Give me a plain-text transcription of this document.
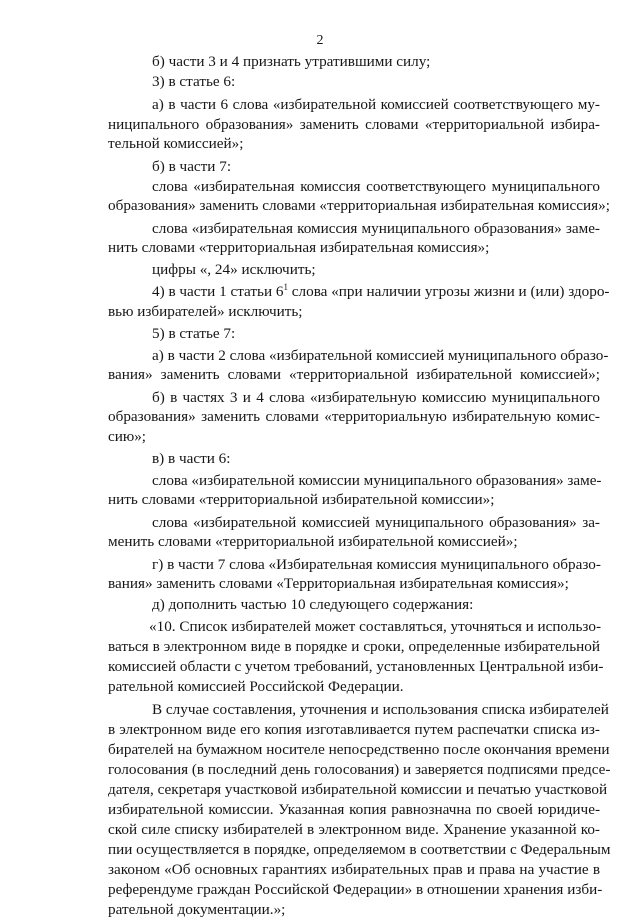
2
б) части 3 и 4 признать утратившими силу;
3) в статье 6:
а) в части 6 слова «избирательной комиссией соответствующего му-
ниципального образования» заменить словами «территориальной избира-
тельной комиссией»;
б) в части 7:
слова «избирательная комиссия соответствующего муниципального
образования» заменить словами «территориальная избирательная комиссия»;
слова «избирательная комиссия муниципального образования» заме-
нить словами «территориальная избирательная комиссия»;
цифры «, 24» исключить;
4) в части 1 статьи $6^1$ слова «при наличии угрозы жизни и (или) здоро-
вью избирателей» исключить;
5) в статье 7:
а) в части 2 слова «избирательной комиссией муниципального образо-
вания» заменить словами «территориальной избирательной комиссией»;
б) в частях 3 и 4 слова «избирательную комиссию муниципального
образования» заменить словами «территориальную избирательную комис-
сию»;
в) в части 6:
слова «избирательной комиссии муниципального образования» заме-
нить словами «территориальной избирательной комиссии»;
слова «избирательной комиссией муниципального образования» за-
менить словами «территориальной избирательной комиссией»;
г) в части 7 слова «Избирательная комиссия муниципального образо-
вания» заменить словами «Территориальная избирательная комиссия»;
д) дополнить частью 10 следующего содержания:
«10. Список избирателей может составляться, уточняться и использо-
ваться в электронном виде в порядке и сроки, определенные избирательной
комиссией области с учетом требований, установленных Центральной изби-
рательной комиссией Российской Федерации.
В случае составления, уточнения и использования списка избирателей
в электронном виде его копия изготавливается путем распечатки списка из-
бирателей на бумажном носителе непосредственно после окончания времени
голосования (в последний день голосования) и заверяется подписями предсе-
дателя, секретаря участковой избирательной комиссии и печатью участковой
избирательной комиссии. Указанная копия равнозначна по своей юридиче-
ской силе списку избирателей в электронном виде. Хранение указанной ко-
пии осуществляется в порядке, определяемом в соответствии с Федеральным
законом «Об основных гарантиях избирательных прав и права на участие в
референдуме граждан Российской Федерации» в отношении хранения изби-
рательной документации.»;
